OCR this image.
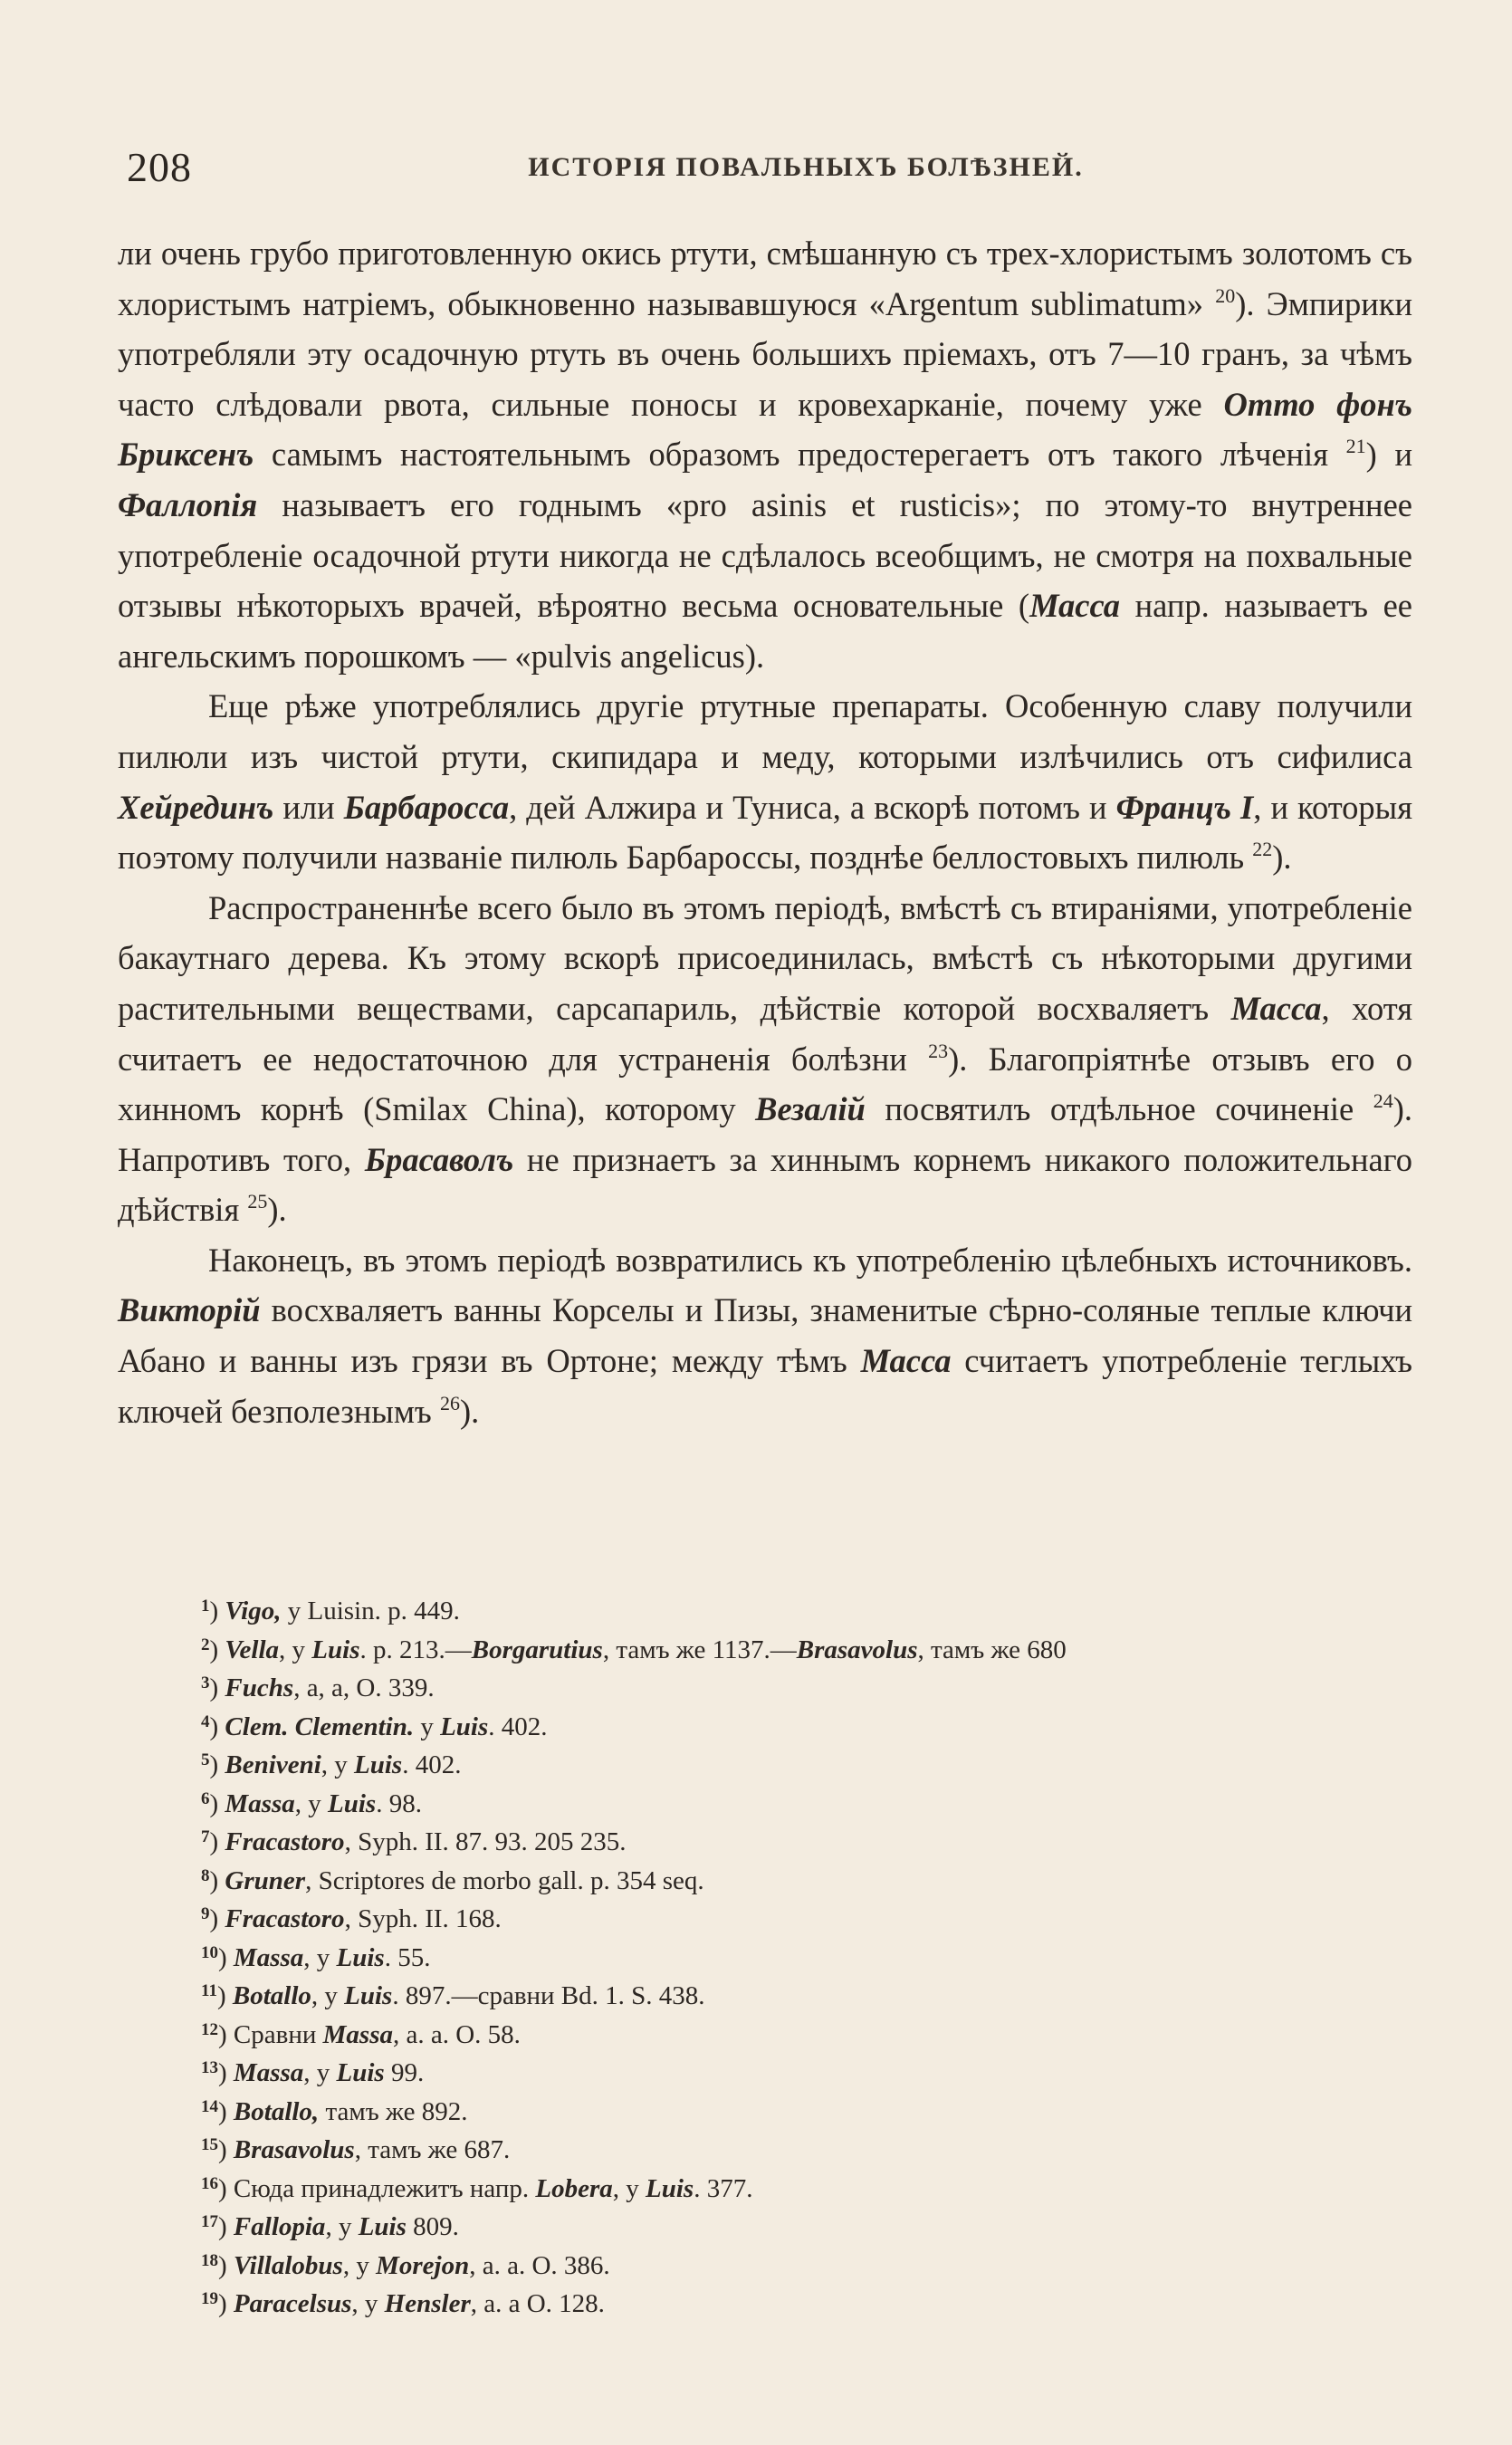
208	ИСТОРІЯ ПОВАЛЬНЫХЪ БОЛѢЗНЕЙ.

ли очень грубо приготовленную окись ртути, смѣшанную съ трех-хлористымъ золотомъ съ хлористымъ натріемъ, обыкновенно называвшуюся «Argentum sublimatum» $^{20}$). Эмпирики употребляли эту осадочную ртуть въ очень большихъ пріемахъ, отъ 7—10 гранъ, за чѣмъ часто слѣдовали рвота, сильные поносы и кровехарканіе, почему уже Отто фонъ Бриксенъ самымъ настоятельнымъ образомъ предостерегаетъ отъ такого лѣченія $^{21}$) и Фаллопія называетъ его годнымъ «pro asinis et rusticis»; по этому-то внутреннее употребленіе осадочной ртути никогда не сдѣлалось всеобщимъ, не смотря на похвальные отзывы нѣкоторыхъ врачей, вѣроятно весьма основательные (Масса напр. называетъ ее ангельскимъ порошкомъ — «pulvis angelicus).

Еще рѣже употреблялись другіе ртутные препараты. Особенную славу получили пилюли изъ чистой ртути, скипидара и меду, которыми излѣчились отъ сифилиса Хейрединъ или Барбаросса, дей Алжира и Туниса, а вскорѣ потомъ и Францъ I, и которыя поэтому получили названіе пилюль Барбароссы, позднѣе беллостовыхъ пилюль $^{22}$).

Распространеннѣе всего было въ этомъ періодѣ, вмѣстѣ съ втираніями, употребленіе бакаутнаго дерева. Къ этому вскорѣ присоединилась, вмѣстѣ съ нѣкоторыми другими растительными веществами, сарсапариль, дѣйствіе которой восхваляетъ Масса, хотя считаетъ ее недостаточною для устраненія болѣзни $^{23}$). Благопріятнѣе отзывъ его о хинномъ корнѣ (Smilax China), которому Везалій посвятилъ отдѣльное сочиненіе $^{24}$). Напротивъ того, Брасаволъ не признаетъ за хиннымъ корнемъ никакого положительнаго дѣйствія $^{25}$).

Наконецъ, въ этомъ періодѣ возвратились къ употребленію цѣлебныхъ источниковъ. Викторій восхваляетъ ванны Корселы и Пизы, знаменитые сѣрно-соляные теплые ключи Абано и ванны изъ грязи въ Ортоне; между тѣмъ Масса считаетъ употребленіе теглыхъ ключей безполезнымъ $^{26}$).

$^1$) Vigo, у Luisin. p. 449.
$^2$) Vella, у Luis. p. 213.—Borgarutius, тамъ же 1137.—Brasavolus, тамъ же 680
$^3$) Fuchs, a, a, O. 339.
$^4$) Clem. Clementin. у Luis. 402.
$^5$) Beniveni, у Luis. 402.
$^6$) Massa, у Luis. 98.
$^7$) Fracastoro, Syph. II. 87. 93. 205 235.
$^8$) Gruner, Scriptores de morbo gall. p. 354 seq.
$^9$) Fracastoro, Syph. II. 168.
$^{10}$) Massa, у Luis. 55.
$^{11}$) Botallo, у Luis. 897.—сравни Bd. 1. S. 438.
$^{12}$) Сравни Massa, a. a. O. 58.
$^{13}$) Massa, у Luis 99.
$^{14}$) Botallo, тамъ же 892.
$^{15}$) Brasavolus, тамъ же 687.
$^{16}$) Сюда принадлежитъ напр. Lobera, у Luis. 377.
$^{17}$) Fallopia, у Luis 809.
$^{18}$) Villalobus, у Morejon, a. a. O. 386.
$^{19}$) Paracelsus, у Hensler, a. a O. 128.
